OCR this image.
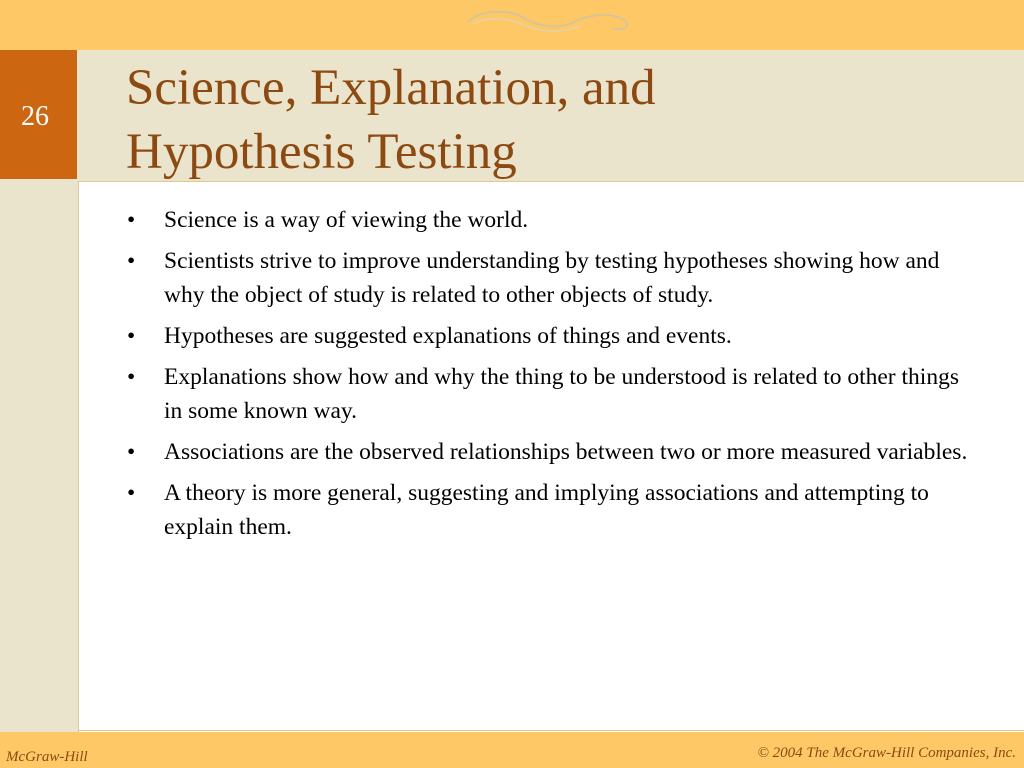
26
Science, Explanation, and
Hypothesis Testing
• Science is a way of viewing the world.
• Scientists strive to improve understanding by testing hypotheses showing how and why the object of study is related to other objects of study.
• Hypotheses are suggested explanations of things and events.
• Explanations show how and why the thing to be understood is related to other things in some known way.
• Associations are the observed relationships between two or more measured variables.
• A theory is more general, suggesting and implying associations and attempting to explain them.
McGraw-Hill	© 2004 The McGraw-Hill Companies, Inc.
